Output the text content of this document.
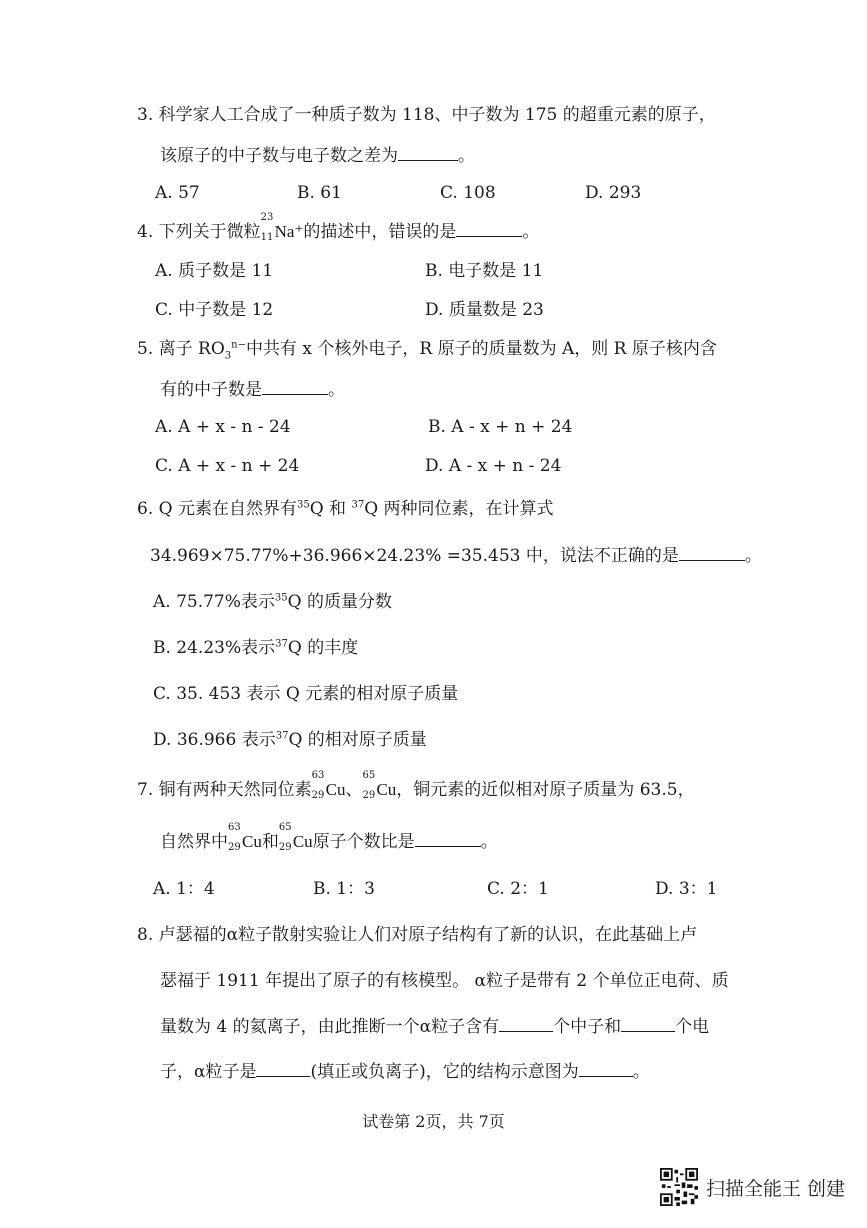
3. 科学家人工合成了一种质子数为 118、中子数为 175 的超重元素的原子，
该原子的中子数与电子数之差为	。
A. 57	B. 61	C. 108	D. 293
4. 下列关于微粒
23
11 Na⁺的描述中，错误的是	。
A. 质子数是 11	B. 电子数是 11
C. 中子数是 12	D. 质量数是 23
5. 离子 $RO_3^{n-}$中共有 x 个核外电子，R 原子的质量数为 A，则 R 原子核内含
有的中子数是	。
A. A + x - n - 24	B. A - x + n + 24
C. A + x - n + 24	D. A - x + n - 24
6. Q 元素在自然界有$^{35}$Q 和 $^{37}$Q 两种同位素，在计算式
34.969×75.77%+36.966×24.23% =35.453 中，说法不正确的是	。
A. 75.77%表示$^{35}$Q 的质量分数
B. 24.23%表示$^{37}$Q 的丰度
C. 35. 453 表示 Q 元素的相对原子质量
D. 36.966 表示$^{37}$Q 的相对原子质量
7. 铜有两种天然同位素
63
29 Cu、
65
29 Cu，铜元素的近似相对原子质量为 63.5，
自然界中
63
29 Cu和
65
29 Cu原子个数比是	。
A. 1：4	B. 1：3	C. 2：1	D. 3：1
8. 卢瑟福的α粒子散射实验让人们对原子结构有了新的认识，在此基础上卢
瑟福于 1911 年提出了原子的有核模型。 α粒子是带有 2 个单位正电荷、质
量数为 4 的氦离子，由此推断一个α粒子含有	个中子和	个电
子，α粒子是	(填正或负离子)，它的结构示意图为	。
试卷第 2页，共 7页
扫描全能王 创建
